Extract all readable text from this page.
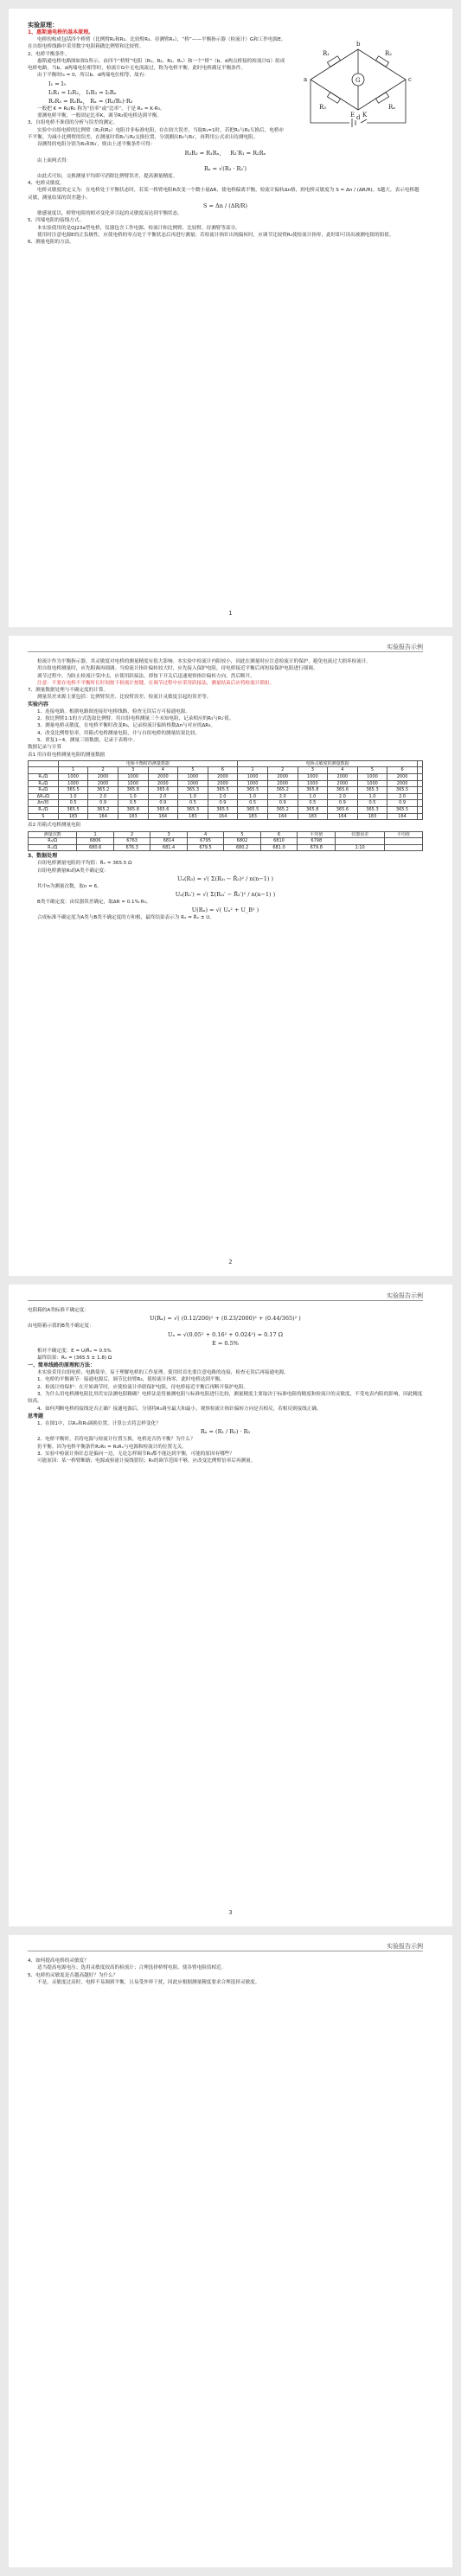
实验原理：
1、惠斯通电桥的基本原理。
R₁	R₂
R₃	Rₓ
G
E K
a
b
c
d

电桥的构成包括四个桥臂（比例臂R₁和R₂、比较臂R₃、待测臂Rₓ），“桥”——平衡指示器（检流计）G和工作电源E。在自组电桥线路中采用数字电阻箱做比例臂和比较臂。

2、电桥平衡条件。

惠斯通电桥电路图如图1所示。由四个“桥臂”电阻（R₁、R₂、R₃、Rₓ）和一个“桥”（b、d两点桥接的检流计G）组成电桥电路。当b、d两端电位相等时，检流计G中无电流流过，称为电桥平衡。此时电桥满足平衡条件。

由于平衡时I₀ = 0，所以b、d两端电位相等，故有：

I₁ = I₃
I₁R₁ = I₂R₂， I₁R₃ = I₂Rₓ
R₁R₃ = R₂Rₓ， Rₓ = (R₂/R₁)·R₃

一般把 K = R₂/R₁ 称为“倍率”或“比率”，于是 Rₓ = K·R₃。

要测电桥平衡，一般固定比率K，调节R₃使电桥达到平衡。

3、自组电桥不准值的分析与误差的测定。

实验中自组电桥的比例臂（R₁和R₂）电阻并非标准电阻，存在较大误差，当取R₁=1时，若把R₁与R₂互换后，电桥亦不平衡。为减小比例臂的误差，在测量时将R₁与R₂交换位置，分别测出R₃与R₃′，再利用公式求出待测电阻。

设测得的电阻分别为R₃和R₃′，则由上述平衡条件可得：

R₃R₂ = R₁Rₓ，   R₃′R₁ = R₂Rₓ

由上面两式得：

Rₓ = √(R₃ · R₃′)

由此式可知，交换测量平均即可消除比例臂误差，提高测量精度。

4、电桥灵敏度。

电桥灵敏度的定义为：在电桥处于平衡状态时，若某一桥臂电阻R改变一个微小量ΔR，使电桥偏离平衡，检流计偏转Δn格，则电桥灵敏度为 S = Δn / (ΔR/R)。S越大，表示电桥越灵敏，测量结果的误差越小。

S = Δn / (ΔR/R)

敏感量度以，桥臂电阻的相对变化率引起的灵敏度而达到平衡状态。

5、四端电阻的接线方式。

本实验使用的是QJ23a型电桥，仪器包含工作电源、检流计和比例臂、比较臂、待测臂等部分。

使用时注意电源E的正负极性，应使电桥的零点处于平衡状态后再进行测量；若检流计指针出现偏转时，应调节比较臂R₃使检流计指零，此时即可读出被测电阻的阻值。

6、测量电阻的方法。

1
实验报告示例

检流计作为平衡指示器，其灵敏度对电桥的测量精度有很大影响。本实验中检流计内阻较小，因此在测量时应注意检流计的保护，避免电流过大损坏检流计。

用自组电桥测量时，应先粗调再细调。当检流计指针偏转较大时，应先接入保护电阻，待电桥接近平衡后再短接保护电阻进行细调。

调节过程中，为防止检流计受冲击，应使用跃接法，即按下开关后迅速观察指针偏转方向，然后断开。

注意：不要在电桥不平衡时长时间按下检流计按键，在调节过程中应采用跃接法，测量结束后应将检流计锁扣。

7、测量数据处理与不确定度的计算。

测量误差来源主要包括：比例臂误差、比较臂误差、检流计灵敏度引起的误差等。

实验内容

1、连接电路。根据电路图连接好电桥线路，检查无误后方可接通电源。

2、按比例臂1:1的方式选取比例臂，用自组电桥测量三个未知电阻，记录相应的R₃与R₃′值。

3、测量电桥灵敏度。在电桥平衡时改变R₃，记录检流计偏转格数Δn与对应的ΔR₃。

4、改变比例臂倍率，用箱式电桥测量电阻，并与自组电桥的测量结果比较。

5、重复1~4，测量三组数据，记录于表格中。

数据记录与计算

表1 用自组电桥测量电阻的测量数据

	电桥平衡时的测量数据						电桥灵敏度的测量数据						
	1	2	3	4	5	6	1	2	3	4	5	6	
R₁/Ω	1000	2000	1000	2000	1000	2000	1000	2000	1000	2000	1000	2000	
R₂/Ω	1000	2000	1000	2000	1000	2000	1000	2000	1000	2000	1000	2000	
R₃/Ω	365.5	365.2	365.8	365.6	365.3	365.5	365.5	365.2	365.8	365.6	365.3	365.5	
ΔR₃/Ω	1.0	2.0	1.0	2.0	1.0	2.0	1.0	2.0	1.0	2.0	1.0	2.0	
Δn/格	0.5	0.9	0.5	0.9	0.5	0.9	0.5	0.9	0.5	0.9	0.5	0.9	
Rₓ/Ω	365.5	365.2	365.8	365.6	365.3	365.5	365.5	365.2	365.8	365.6	365.3	365.5	
S	183	164	183	164	183	164	183	164	183	164	183	164	

表2 用箱式电桥测量电阻

测量次数	1	2	3	4	5	6	平均值	仪器误差	平均值
R₃/Ω	6806	6763	6814	6795	6802	6810	6798		
Rₓ/Ω	680.6	676.3	681.4	679.5	680.2	681.0	679.8	1:10	

3、数据处理

自组电桥测量电阻的平均值：R̄ₓ = 365.5 Ω

自组电桥测量R₃的A类不确定度：

Uₐ(R₃) = √( Σ(R₃ᵢ − R̄₃)² / n(n−1) )

其中n为测量次数，取n = 6。

Uₐ(R₃′) = √( Σ(R₃ᵢ′ − R̄₃′)² / n(n−1) )

B类不确定度：由仪器误差确定，取ΔR = 0.1%·R₃。

U(Rₓ) = √( Uₐ² + U_B² )

合成标准不确定度为A类与B类不确定度的方和根，最终结果表示为 Rₓ = R̄ₓ ± U。

2
实验报告示例

电阻箱的A类标准不确定度：

U(Rₓ) = √( (0.12/200)² + (0.23/2000)² + (0.44/365)² )

由电阻箱示值的B类不确定度：

Uₓ = √(0.05² + 0.16² + 0.024²) = 0.17 Ω
E = 0.5%

相对不确定度：E = U/R̄ₓ = 0.5%

最终结果：Rₓ = (365.5 ± 1.8) Ω

一、简单线路的原理和方法：

本实验采用自组电桥，电路简单，易于理解电桥的工作原理。使用时首先要注意电路的连接，检查无误后再接通电源。

1、电桥的平衡调节：接通电源后，调节比较臂R₃，使检流计指零，此时电桥达到平衡。

2、检流计的保护：在开始调节时，应使检流计串联保护电阻，待电桥接近平衡后再断开保护电阻。

3、为什么用电桥测电阻比用伏安法测电阻精确？电桥法是将被测电阻与标准电阻进行比较，测量精度主要取决于标准电阻的精度和检流计的灵敏度，不受电表内阻的影响，因此精度较高。

4、如何判断电桥的接线是否正确？接通电源后，分别将R₃调至最大和最小，观察检流计指针偏转方向是否相反，若相反则接线正确。

思考题

1、在图1中，以Rₓ和R₃调换位置，计算公式将怎样变化？

Rₓ = (R₁ / R₂) · R₃

2、电桥平衡时，若将电源与检流计位置互换，电桥是否仍平衡？为什么？

仍平衡。因为电桥平衡条件R₁R₃ = R₂Rₓ与电源和检流计的位置无关。

3、实验中检流计指针总是偏向一边，无论怎样调节R₃都不能达到平衡，可能的原因有哪些？

可能原因：某一桥臂断路；电源或检流计接线错误；R₃的调节范围不够，应改变比例臂倍率后再测量。

3
实验报告示例

4、如何提高电桥的灵敏度？

适当提高电源电压；选用灵敏度较高的检流计；合理选择桥臂电阻，使各臂电阻值相近。

5、电桥的灵敏度是否越高越好？为什么？

不是。灵敏度过高时，电桥不易调到平衡，且易受外界干扰，因此应根据测量精度要求合理选择灵敏度。
